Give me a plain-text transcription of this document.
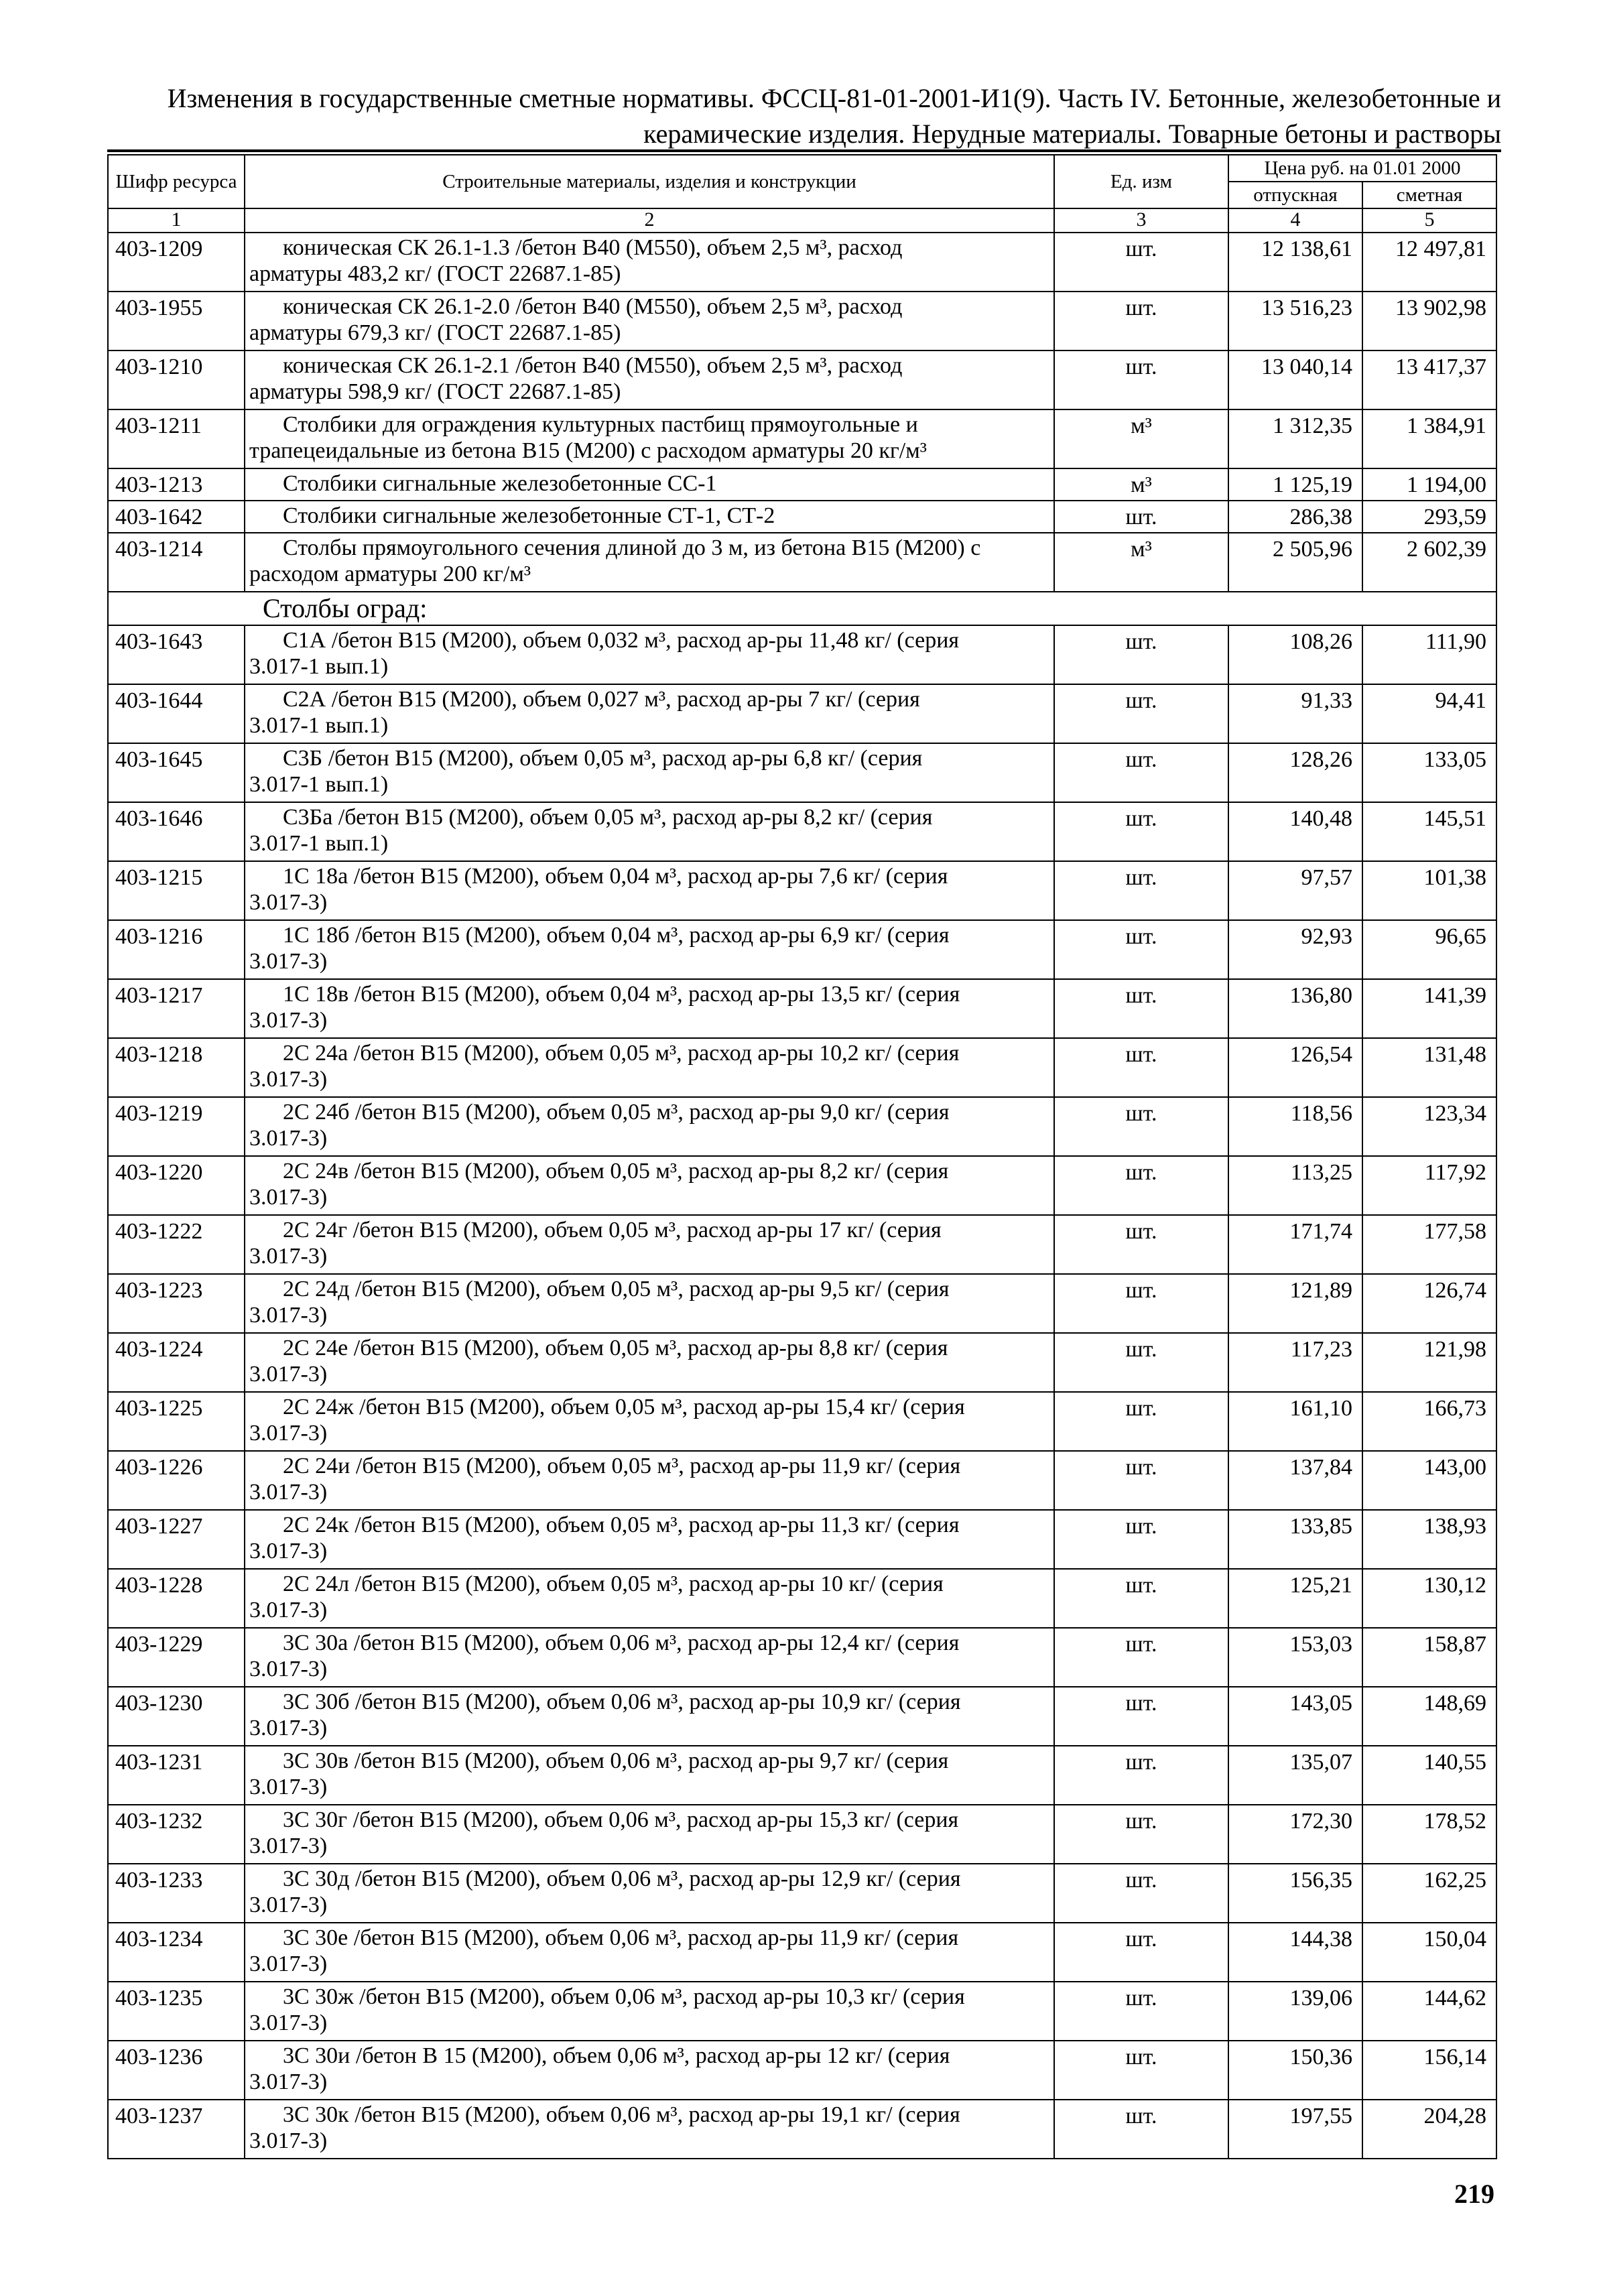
Изменения в государственные сметные нормативы. ФССЦ-81-01-2001-И1(9). Часть IV. Бетонные, железобетонные и
керамические изделия. Нерудные материалы. Товарные бетоны и растворы
Шифр ресурса	Строительные материалы, изделия и конструкции	Ед. изм	Цена руб. на 01.01 2000	
			отпускная	сметная
1	2	3	4	5
403-1209	коническая СК 26.1-1.3 /бетон В40 (М550), объем 2,5 м³, расход
арматуры 483,2 кг/ (ГОСТ 22687.1-85)	шт.	12 138,61	12 497,81
403-1955	коническая СК 26.1-2.0 /бетон В40 (М550), объем 2,5 м³, расход
арматуры 679,3 кг/ (ГОСТ 22687.1-85)	шт.	13 516,23	13 902,98
403-1210	коническая СК 26.1-2.1 /бетон В40 (М550), объем 2,5 м³, расход
арматуры 598,9 кг/ (ГОСТ 22687.1-85)	шт.	13 040,14	13 417,37
403-1211	Столбики для ограждения культурных пастбищ прямоугольные и
трапецеидальные из бетона В15 (М200) с расходом арматуры 20 кг/м³	м³	1 312,35	1 384,91
403-1213	Столбики сигнальные железобетонные СС-1	м³	1 125,19	1 194,00
403-1642	Столбики сигнальные железобетонные СТ-1, СТ-2	шт.	286,38	293,59
403-1214	Столбы прямоугольного сечения длиной до 3 м, из бетона В15 (М200) с
расходом арматуры 200 кг/м³	м³	2 505,96	2 602,39
Столбы оград:				
403-1643	С1А /бетон В15 (М200), объем 0,032 м³, расход ар-ры 11,48 кг/ (серия
3.017-1 вып.1)	шт.	108,26	111,90
403-1644	С2А /бетон В15 (М200), объем 0,027 м³, расход ар-ры 7 кг/ (серия
3.017-1 вып.1)	шт.	91,33	94,41
403-1645	С3Б /бетон В15 (М200), объем 0,05 м³, расход ар-ры 6,8 кг/ (серия
3.017-1 вып.1)	шт.	128,26	133,05
403-1646	С3Ба /бетон В15 (М200), объем 0,05 м³, расход ар-ры 8,2 кг/ (серия
3.017-1 вып.1)	шт.	140,48	145,51
403-1215	1С 18а /бетон В15 (М200), объем 0,04 м³, расход ар-ры 7,6 кг/ (серия
3.017-3)	шт.	97,57	101,38
403-1216	1С 18б /бетон В15 (М200), объем 0,04 м³, расход ар-ры 6,9 кг/ (серия
3.017-3)	шт.	92,93	96,65
403-1217	1С 18в /бетон В15 (М200), объем 0,04 м³, расход ар-ры 13,5 кг/ (серия
3.017-3)	шт.	136,80	141,39
403-1218	2С 24а /бетон В15 (М200), объем 0,05 м³, расход ар-ры 10,2 кг/ (серия
3.017-3)	шт.	126,54	131,48
403-1219	2С 24б /бетон В15 (М200), объем 0,05 м³, расход ар-ры 9,0 кг/ (серия
3.017-3)	шт.	118,56	123,34
403-1220	2С 24в /бетон В15 (М200), объем 0,05 м³, расход ар-ры 8,2 кг/ (серия
3.017-3)	шт.	113,25	117,92
403-1222	2С 24г /бетон В15 (М200), объем 0,05 м³, расход ар-ры 17 кг/ (серия
3.017-3)	шт.	171,74	177,58
403-1223	2С 24д /бетон В15 (М200), объем 0,05 м³, расход ар-ры 9,5 кг/ (серия
3.017-3)	шт.	121,89	126,74
403-1224	2С 24е /бетон В15 (М200), объем 0,05 м³, расход ар-ры 8,8 кг/ (серия
3.017-3)	шт.	117,23	121,98
403-1225	2С 24ж /бетон В15 (М200), объем 0,05 м³, расход ар-ры 15,4 кг/ (серия
3.017-3)	шт.	161,10	166,73
403-1226	2С 24и /бетон В15 (М200), объем 0,05 м³, расход ар-ры 11,9 кг/ (серия
3.017-3)	шт.	137,84	143,00
403-1227	2С 24к /бетон В15 (М200), объем 0,05 м³, расход ар-ры 11,3 кг/ (серия
3.017-3)	шт.	133,85	138,93
403-1228	2С 24л /бетон В15 (М200), объем 0,05 м³, расход ар-ры 10 кг/ (серия
3.017-3)	шт.	125,21	130,12
403-1229	3С 30а /бетон В15 (М200), объем 0,06 м³, расход ар-ры 12,4 кг/ (серия
3.017-3)	шт.	153,03	158,87
403-1230	3С 30б /бетон В15 (М200), объем 0,06 м³, расход ар-ры 10,9 кг/ (серия
3.017-3)	шт.	143,05	148,69
403-1231	3С 30в /бетон В15 (М200), объем 0,06 м³, расход ар-ры 9,7 кг/ (серия
3.017-3)	шт.	135,07	140,55
403-1232	3С 30г /бетон В15 (М200), объем 0,06 м³, расход ар-ры 15,3 кг/ (серия
3.017-3)	шт.	172,30	178,52
403-1233	3С 30д /бетон В15 (М200), объем 0,06 м³, расход ар-ры 12,9 кг/ (серия
3.017-3)	шт.	156,35	162,25
403-1234	3С 30е /бетон В15 (М200), объем 0,06 м³, расход ар-ры 11,9 кг/ (серия
3.017-3)	шт.	144,38	150,04
403-1235	3С 30ж /бетон В15 (М200), объем 0,06 м³, расход ар-ры 10,3 кг/ (серия
3.017-3)	шт.	139,06	144,62
403-1236	3С 30и /бетон В 15 (М200), объем 0,06 м³, расход ар-ры 12 кг/ (серия
3.017-3)	шт.	150,36	156,14
403-1237	3С 30к /бетон В15 (М200), объем 0,06 м³, расход ар-ры 19,1 кг/ (серия
3.017-3)	шт.	197,55	204,28
219
